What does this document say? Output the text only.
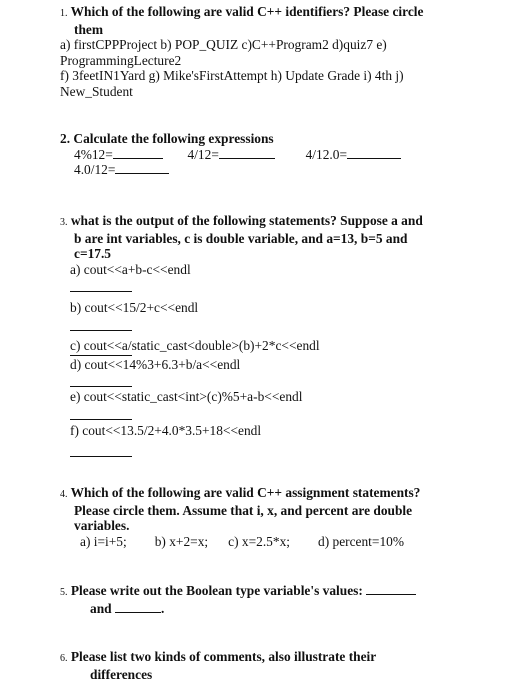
1. Which of the following are valid C++ identifiers? Please circle
them
a) firstCPPProject b) POP_QUIZ c)C++Program2 d)quiz7 e)
ProgrammingLecture2
f) 3feetIN1Yard g) Mike'sFirstAttempt h) Update Grade i) 4th j)
New_Student
2. Calculate the following expressions
4%12=	4/12=	4/12.0=
4.0/12=
3. what is the output of the following statements? Suppose a and
b are int variables, c is double variable, and a=13, b=5 and
c=17.5
a) cout<<a+b-c<<endl
b) cout<<15/2+c<<endl
c) cout<<a/static_cast<double>(b)+2*c<<endl
d) cout<<14%3+6.3+b/a<<endl
e) cout<<static_cast<int>(c)%5+a-b<<endl
f) cout<<13.5/2+4.0*3.5+18<<endl
4. Which of the following are valid C++ assignment statements?
Please circle them. Assume that i, x, and percent are double
variables.
a) i=i+5; b) x+2=x; c) x=2.5*x; d) percent=10%
5. Please write out the Boolean type variable's values:
and	.
6. Please list two kinds of comments, also illustrate their
differences
